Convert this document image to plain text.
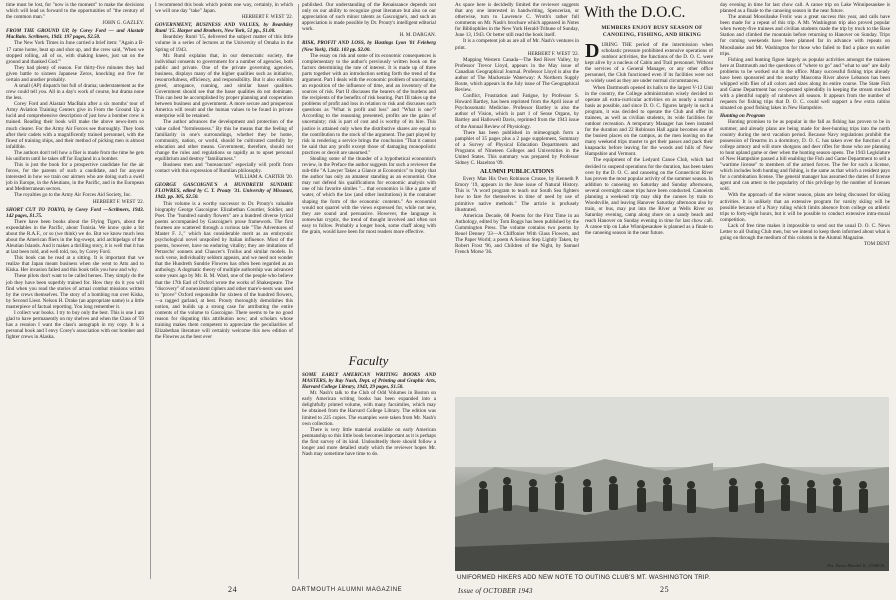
time must be lost, for "now is the moment" to make the decisions which will lead us forward to the opportunities of "the century of the common man."

JOHN G. GAZLEY.

FROM THE GROUND UP, by Corey Ford — and Alastair MacBain. Scribners, 1943. 197 pages, $2.50.

The New York Times in June carried a brief item: "Again a B-17 came home, beat up and shot up, and the crew said, 'When we stopped rolling, all of us, with shaking knees, just sat on the ground and thanked God.'"

They had plenty of reason. For thirty-five minutes they had given battle to sixteen Japanese Zeros, knocking out five for certain and another probably.

A small (AP) dispatch but full of drama; understatement as the crew could tell you. All in a day's work of course, but drama none the less.

Corey Ford and Alastair MacBain after a six months' tour of Army Aviation Training Centers give in From the Ground Up a lucid and comprehensive description of just how a bomber crew is trained. Reading their book will make the above news-item so much clearer. For the Army Air Forces see thoroughly. They look after their cadets with a magnificently trained personnel, with the finest of training ships, and their method of picking men is almost infallible.

The authors don't tell how a flier is made from the time he gets his uniform until he takes off for England in a bomber.

This is just the book for a prospective candidate for the air forces, for the parents of such a candidate, and for anyone interested in how we train our airmen who are doing such a swell job in Europe, in the Aleutians, in the Pacific, and in the European and Mediterranean sectors.

The royalties go to the Army Air Forces Aid Society, Inc.

HERBERT F. WEST '22.

SHORT CUT TO TOKYO, by Corey Ford —Scribners, 1943. 142 pages, $1.75.

There have been books about the Flying Tigers, about the expendables in the Pacific, about Tunisia. We know quite a bit about the R.A.F., or so (we think) we do. But we know much less about the American fliers in the fog-swept, arid archipelago of the Aleutian Islands. And it makes a thrilling story, it is well that it has at last been told, and well told, too, by Corey Ford.

This book can be read at a sitting. It is important that we realize that Japan meant business when she went to Attu and to Kiska. Her invasion failed and this book tells you how and why.

These pilots don't want to be called heroes. They simply do the job they have been superbly trained for. How they do it you will find when you read the stories of actual combat missions written by the crews themselves. The story of a bombing run over Kiska, by Second Lieut. Nelson H. Drake (an appropriate name) is a little masterpiece of factual reporting. You long remember it.

I collect war books. I try to buy only the best. This is one I am glad to have permanently on my shelves and when the Class of '59 has a reunion I want the class's autograph in my copy. It is a personal book and I envy Corey's association with our bomber and fighter crews in Alaska.

I recommend this book which points one way, certainly, in which we will one day "take" Japan.

HERBERT F. WEST '22.

GOVERNMENT, BUSINESS AND VALUES, by Beardsley Ruml '15. Harper and Brothers, New York, 51 pp., $1.00.

Beardsley Ruml '15, delivered the subject matter of this little volume in a series of lectures at the University of Omaha in the Spring of 1943.

Mr. Ruml explains that, in our democratic society, the individual consents to government for a number of agencies, both public and private. One of the private governing agencies, business, displays many of the higher qualities such as initiative, resourcefulness, efficiency, and responsibility. But it also exhibits greed, arrogance, cunning, and similar baser qualities. Government should see that the baser qualities do not dominate. This can best be accomplished by proper planning and cooperation between business and government. A more secure and prosperous America will result and the human values to be found in private enterprise will be retained.

The author advances the development and protection of the value called "formlessness." By this he means that the feeling of familiarity in one's surroundings, whether they be home, community, nation, or world, should be cultivated carefully by education and other means. Government, therefore, should not change the rules and regulations so rapidly as to upset personal equilibrium and destroy "familiarness."

Business men and "bureaucrats" especially will profit from contact with this expression of Rumlian philosophy.

WILLIAM A. CARTER '20.

GEORGE GASCOIGNE'S A HUNDRETH SUNDRIE FLOWRES, edited by C. T. Prouty '31. University of Missouri, 1942. pp. 305, $2.50.

This volume is a worthy successor to Dr. Prouty's valuable biography George Gascoigne: Elizabethan Courtier, Soldier, and Poet. The "hundred sundry flowers" are a hundred diverse lyrical poems accompanied by Gascoigne's prose framework. The first fourteen are scattered through a curious tale "The Adventures of Master F. J.," which has considerable merit as an embryonic psychological novel unspoiled by Italian influence. Most of the poems, however, have no enduring vitality; they are imitations of Petrarchs' sonnets and Chaucer's Troilus and similar models. In such verse, individuality seldom appears, and we need not wonder that the Hundreth Sundrie Flowres has often been regarded as an anthology. A dogmatic theory of multiple authorship was advanced some years ago by Mr. B. M. Ward, one of the people who believe that the 17th Earl of Oxford wrote the works of Shakespeare. The "discovery" of nonexistent ciphers and other mare's-nests was used to "prove" Oxford responsible for sixteen of the hundred flowers,—a ragged garland, at best. Prouty thoroughly demolishes this notion, and builds up a strong case for attributing the entire contents of the volume to Gascoigne. There seems to be no good reason for disputing this attribution now; and scholars whose training makes them competent to appreciate the peculiarities of Elizabethan literature will certainly welcome this new edition of the Flowres as the best ever

published. Our understanding of the Renaissance depends not only on our ability to recognize great literature but also on our appreciation of such minor talents as Gascoigne's, and such an appreciation is made possible by Dr. Prouty's intelligent editorial work.

H. M. DARGAN.

RISK, PROFIT AND LOSS, by Hastings Lyon '01 Feleberg (New York), 1943. 103 pp. $2.00.

The essay on risk and some of its economic consequences is complementary to the author's previously written book on the factors determining the rate of interest. It is made up of three parts together with an introduction setting forth the trend of the argument. Part I deals with the economic problem of uncertainty, an exposition of the influence of time, and an inventory of the sources of risk. Part II discusses the bearers of the burdens and the recipients of the benefits of risk bearing. Part III takes up the problems of profit and loss in relation to risk and discusses such questions as "What is profit and loss" and "What is one"? According to the reasoning presented, profits are the gains of uncertainty; risk is part of cost and is worthy of its hire. This justice is attained only when the distributive shares are equal to the contribution to the stock of the argument. The part played by risk in rendering a service brings the conclusion "That it cannot be said that any profit except those of damaging monopolistic practices or deceit are unearned."

Stealing some of the thunder of a hypothetical economist's review, in the Preface the author suggests for such a reviewer the sub-title "A Lawyer Takes a Glance at Economics" to imply that the author has only an amateur standing as an economist. One may not defend his qualifications for economic analysis with one of his favorite similes "... that economics is like a game of water, of which the law (and other institutions) is the container shaping the form of the economic contents." An economist would not quarrel with the views expressed for, while not new, they are sound and persuasive. However, the language is somewhat cryptic, the trend of thought involved and often not easy to follow. Probably a longer book, some chaff along with the grain, would have been for most readers more effective.

Faculty

SOME EARLY AMERICAN WRITING BOOKS AND MASTERS, by Ray Nash, Dept. of Printing and Graphic Arts, Harvard College Library, 1943, 29 pages, $1.50.

Mr. Nash's talk to the Club of Odd Volumes in Boston on early American writing books has been expanded into a delightfully printed volume, with many facsimiles, which may be obtained from the Harvard College Library. The edition was limited to 225 copies. The examples were taken from Mr. Nash's own collection.

There is very little material available on early American penmanship so this little book becomes important as it is perhaps the first survey of its kind. Undoubtedly there should follow a longer and more detailed study which the reviewer hopes Mr. Nash may sometime have time to do.

As space here is decidedly limited the reviewer suggests that any one interested in handwriting, Spencerian, or otherwise, turn to Lawrence C. Wroth's rather full comments on Mr. Nash's brochure which appeared in Notes for Bibliophiles in the New York Herald-Tribune of Sunday, June 13, 1943. Or better still read the book itself.

It is a competent job as are all of Mr. Nash's ventures in print.

HERBERT F. WEST '22.

Mapping Western Canada—The Red River Valley, by Professor Trevor Lloyd, appears in the May issue of Canadian Geographical Journal. Professor Lloyd is also the author of The Mackenzie Waterway: A Northern Supply Route, which appears in the July issue of The Geographical Review.

Conflict, Frustration and Fatigue, by Professor S. Howard Bartley, has been reprinted from the April issue of Psychosomatic Medicine. Professor Bartley is also the author of Vision, which is part 1 of Sense Organs, by Bartley and Hallowell Davis, reprinted from the 1943 issue of the Annual Review of Physiology.

There has been published in mimeograph form a pamphlet of 35 pages plus a 2 page supplement, Summary of a Survey of Physical Education Departments and Programs of Nineteen Colleges and Universities in the United States. This summary was prepared by Professor Sidney C. Hazelton '09.

ALUMNI PUBLICATIONS

Every Man His Own Robinson Crusoe, by Kenneth P. Emory '19, appears in the June issue of Natural History. This is "A word program to teach our South Sea fighters how to fare for themselves in time of need by use of primitive native methods." The article is profusely illustrated.

American Decade, 68 Poems for the First Time in an Anthology, edited by Tom Boggs has been published by the Cummington Press. The volume contains two poems by Reuel Denney '33—A Chiffonier With Glass Flowers, and The Paper World; a poem A Serious Step Lightly Taken, by Robert Frost '96, and Children of the Night, by Samuel French Morse '36.

With the D.O.C.
MEMBERS ENJOY BUSY SEASON OF CANOEING, FISHING, AND HIKING
D URING THE period of the intermission when scholastic pressure prohibited extensive operations of outdoor activities, the functions of the D. O. C. were kept alive by a nucleus of Cabin and Trail personnel. Without the services of a General Manager, or any other office personnel, the Club functioned even if its facilities were not so widely used as they are under normal circumstances.

When Dartmouth opened its halls to the largest V-12 Unit in the country, the College administration wisely decided to operate all extra-curricular activities on as nearly a normal basis as possible, and since D. O. C. figures largely in such a program, it was decided to operate the Club and offer its trainees, as well as civilian students, its wide facilities for outdoor recreation. A temporary Manager has been instated for the duration and 22 Robinson Hall again becomes one of the busiest places on the campus, as the men leaving on the many weekend trips muster to get their passes and pack their knapsacks before leaving for the woods and hills of New Hampshire and Vermont.

The equipment of the Ledyard Canoe Club, which had decided to suspend operations for the duration, has been taken over by the D. O. C. and canoeing on the Connecticut River has proven the most popular activity of the summer season. In addition to canoeing on Saturday and Sunday afternoons, several overnight canoe trips have been conducted. Canoeists planning a weekend trip may ship the canoes by train to Woodsville, and leaving Hanover Saturday afternoon also by train, or bus, may put into the River at Wells River on Saturday evening, camp along shore on a sandy beach and reach Hanover on Sunday evening in time for last chow call. A canoe trip on Lake Winnipesaukee is planned as a finale to the canoeing season in the near future.

day evening in time for last chow call. A canoe trip on Lake Winnipesaukee is planned as a finale to the canoeing season in the near future.

The annual Moosilauke Frolic was a great success this year, and calls have been made for a repeat of this trip. A Mt. Washington trip also proved popular when twenty-five trainees and civilian students made the trip by truck to the Base Station and climbed the mountain before returning to Hanover on Sunday. Trips for coming weekends have been planned far in advance with repeats on Moosilauke and Mt. Washington for those who failed to find a place on earlier trips.

Fishing and hunting figure largely as popular activities amongst the trainees here at Dartmouth and the questions of "where to go" and "what to use" are daily problems to be worked out in the office. Many successful fishing trips already have been sponsored and the nearby Mascoma River above Lebanon has been whipped with flies of all colors and sizes along its entire course. The State Fish and Game Department has co-operated splendidly in keeping the stream stocked with a plentiful supply of rainbows all season. It appears from the number of requests for fishing trips that D. O. C. could well support a few extra cabins situated on good fishing lakes in New Hampshire.

Hunting on Program

Hunting promises to be as popular in the fall as fishing has proven to be in summer, and already plans are being made for deer-hunting trips into the north country during the next vacation period. Because Navy regulations prohibit the possession of firearms in a dormitory, D. O. C. has taken over the function of a college armory and will store shotguns and deer rifles for those who are planning to hunt upland game or deer when the hunting season opens. The 1943 Legislature of New Hampshire passed a bill enabling the Fish and Game Department to sell a "wartime license" to members of the armed forces. The fee for such a license, which includes both hunting and fishing, is the same as that which a resident pays for a combination license. The general manager has assumed the duties of license agent and can attest to the popularity of this privilege by the number of licenses sold.

With the approach of the winter season, plans are being discussed for skiing activities. It is unlikely that an extensive program for varsity skiing will be possible because of a Navy ruling which limits absence from college on athletic trips to forty-eight hours, but it will be possible to conduct extensive intra-mural competition.

Lack of free time makes it impossible to send out the usual D. O. C. News Letter to all Outing Club men, but we intend to keep them informed about what is going on through the medium of this column in the Alumni Magazine.

TOM DENT

Pvt. Victor Mandel Jr., USMCR.
UNIFORMED HIKERS ADD NEW NOTE TO OUTING CLUB'S MT. WASHINGTON TRIP.
24	DARTMOUTH ALUMNI MAGAZINE	Issue of OCTOBER 1943	25
